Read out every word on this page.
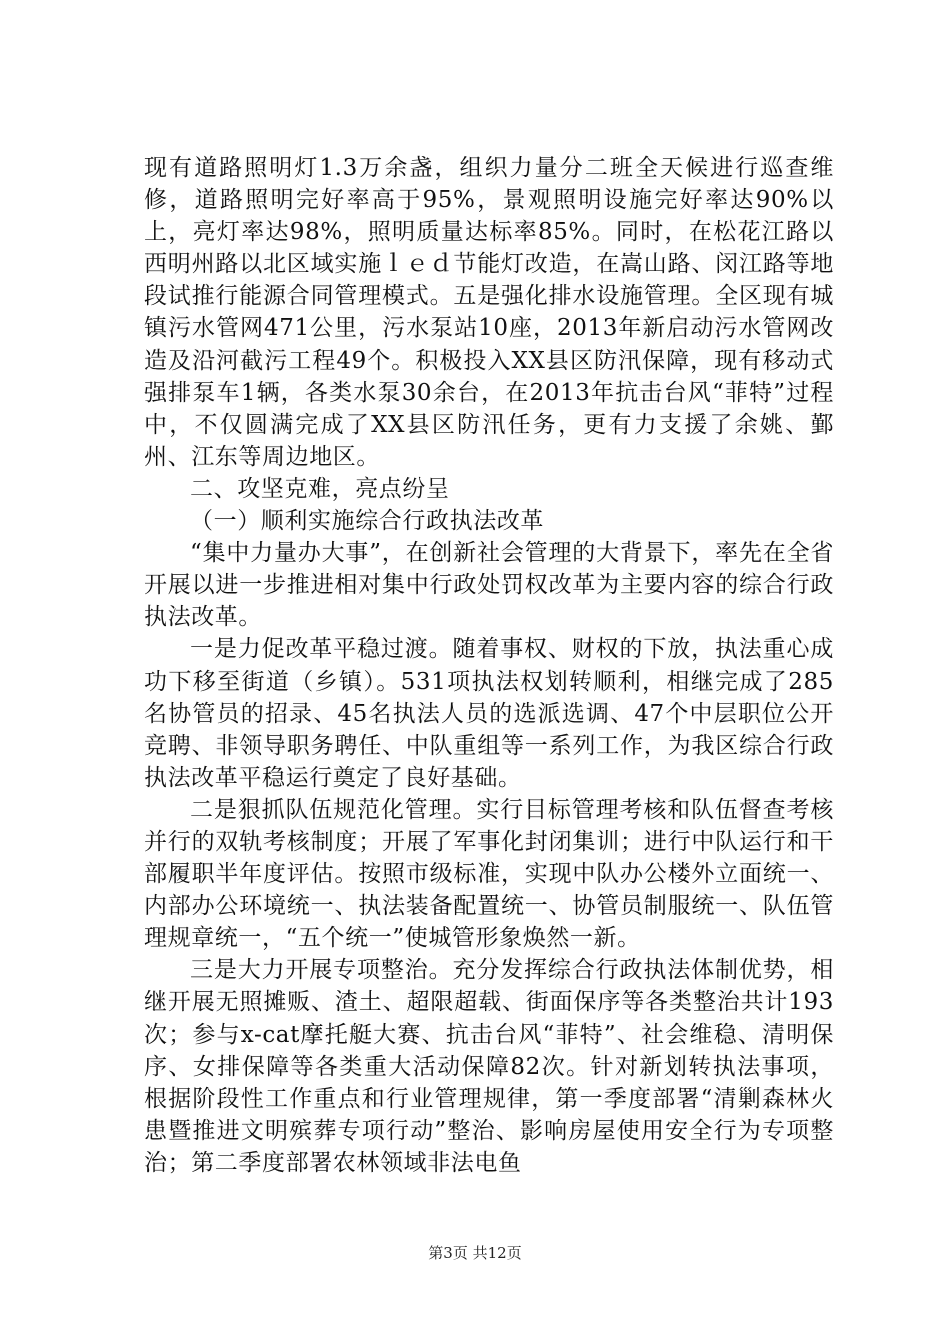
现有道路照明灯1.3万余盏，组织力量分二班全天候进行巡查维修，道路照明完好率高于95%，景观照明设施完好率达90%以上，亮灯率达98%，照明质量达标率85%。同时，在松花江路以西明州路以北区域实施ｌｅｄ节能灯改造，在嵩山路、闵江路等地段试推行能源合同管理模式。五是强化排水设施管理。全区现有城镇污水管网471公里，污水泵站10座，2013年新启动污水管网改造及沿河截污工程49个。积极投入XX县区防汛保障，现有移动式强排泵车1辆，各类水泵30余台，在2013年抗击台风“菲特”过程中，不仅圆满完成了XX县区防汛任务，更有力支援了余姚、鄞州、江东等周边地区。

二、攻坚克难，亮点纷呈

（一）顺利实施综合行政执法改革

“集中力量办大事”，在创新社会管理的大背景下，率先在全省开展以进一步推进相对集中行政处罚权改革为主要内容的综合行政执法改革。

一是力促改革平稳过渡。随着事权、财权的下放，执法重心成功下移至街道（乡镇）。531项执法权划转顺利，相继完成了285名协管员的招录、45名执法人员的选派选调、47个中层职位公开竞聘、非领导职务聘任、中队重组等一系列工作，为我区综合行政执法改革平稳运行奠定了良好基础。

二是狠抓队伍规范化管理。实行目标管理考核和队伍督查考核并行的双轨考核制度；开展了军事化封闭集训；进行中队运行和干部履职半年度评估。按照市级标准，实现中队办公楼外立面统一、内部办公环境统一、执法装备配置统一、协管员制服统一、队伍管理规章统一，“五个统一”使城管形象焕然一新。

三是大力开展专项整治。充分发挥综合行政执法体制优势，相继开展无照摊贩、渣土、超限超载、街面保序等各类整治共计193次；参与x-cat摩托艇大赛、抗击台风“菲特”、社会维稳、清明保序、女排保障等各类重大活动保障82次。针对新划转执法事项，根据阶段性工作重点和行业管理规律，第一季度部署“清剿森林火患暨推进文明殡葬专项行动”整治、影响房屋使用安全行为专项整治；第二季度部署农林领域非法电鱼

第3页 共12页
